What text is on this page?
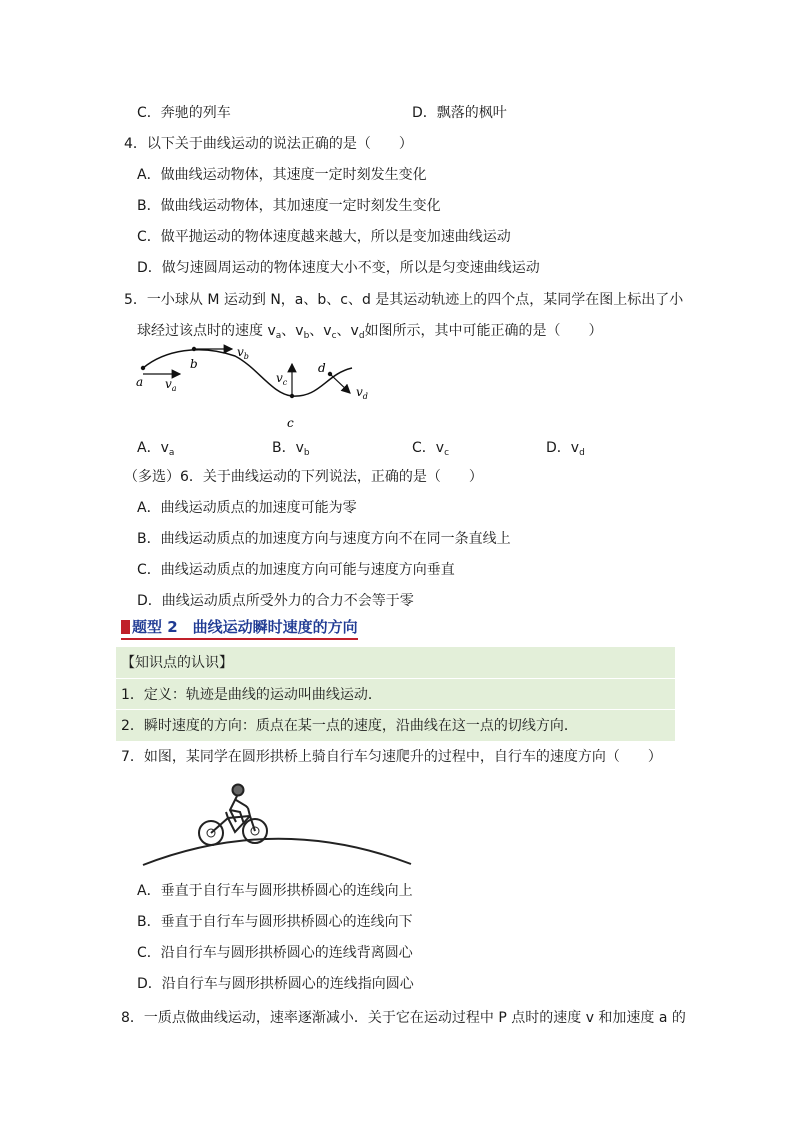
C．奔驰的列车	D．飘落的枫叶
4．以下关于曲线运动的说法正确的是（　　）
A．做曲线运动物体，其速度一定时刻发生变化
B．做曲线运动物体，其加速度一定时刻发生变化
C．做平抛运动的物体速度越来越大，所以是变加速曲线运动
D．做匀速圆周运动的物体速度大小不变，所以是匀变速曲线运动
5．一小球从 M 运动到 N，a、b、c、d 是其运动轨迹上的四个点，某同学在图上标出了小
球经过该点时的速度 $v_a$、$v_b$、$v_c$、$v_d$如图所示，其中可能正确的是（　　）
a
b
c
d
$v_a$
$v_b$
$v_c$
$v_d$
A．$v_a$	B．$v_b$	C．$v_c$	D．$v_d$
（多选）6．关于曲线运动的下列说法，正确的是（　　）
A．曲线运动质点的加速度可能为零
B．曲线运动质点的加速度方向与速度方向不在同一条直线上
C．曲线运动质点的加速度方向可能与速度方向垂直
D．曲线运动质点所受外力的合力不会等于零
题型 2　曲线运动瞬时速度的方向
【知识点的认识】
1．定义：轨迹是曲线的运动叫曲线运动．
2．瞬时速度的方向：质点在某一点的速度，沿曲线在这一点的切线方向．
7．如图，某同学在圆形拱桥上骑自行车匀速爬升的过程中，自行车的速度方向（　　）
A．垂直于自行车与圆形拱桥圆心的连线向上
B．垂直于自行车与圆形拱桥圆心的连线向下
C．沿自行车与圆形拱桥圆心的连线背离圆心
D．沿自行车与圆形拱桥圆心的连线指向圆心
8．一质点做曲线运动，速率逐渐减小．关于它在运动过程中 P 点时的速度 v 和加速度 a 的
